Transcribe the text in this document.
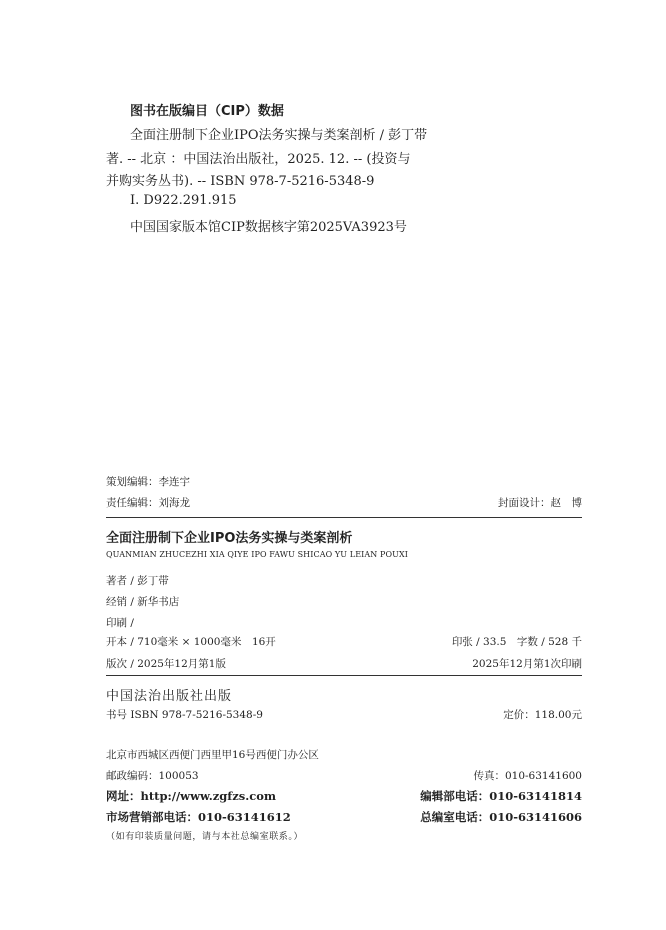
图书在版编目（CIP）数据
全面注册制下企业IPO法务实操与类案剖析 / 彭丁带
著. -- 北京 ：中国法治出版社，2025. 12. -- (投资与
并购实务丛书). -- ISBN 978-7-5216-5348-9
Ⅰ. D922.291.915
中国国家版本馆CIP数据核字第2025VA3923号
策划编辑：李连宇
责任编辑：刘海龙	封面设计：赵　博
全面注册制下企业IPO法务实操与类案剖析
QUANMIAN ZHUCEZHI XIA QIYE IPO FAWU SHICAO YU LEIAN POUXI
著者 / 彭丁带
经销 / 新华书店
印刷 /
开本 / 710毫米 × 1000毫米　16开	印张 / 33.5　字数 / 528 千
版次 / 2025年12月第1版	2025年12月第1次印刷
中国法治出版社出版
书号 ISBN 978-7-5216-5348-9	定价：118.00元
北京市西城区西便门西里甲16号西便门办公区
邮政编码：100053	传真：010-63141600
网址：http://www.zgfzs.com	编辑部电话：010-63141814
市场营销部电话：010-63141612	总编室电话：010-63141606
（如有印装质量问题，请与本社总编室联系。）
